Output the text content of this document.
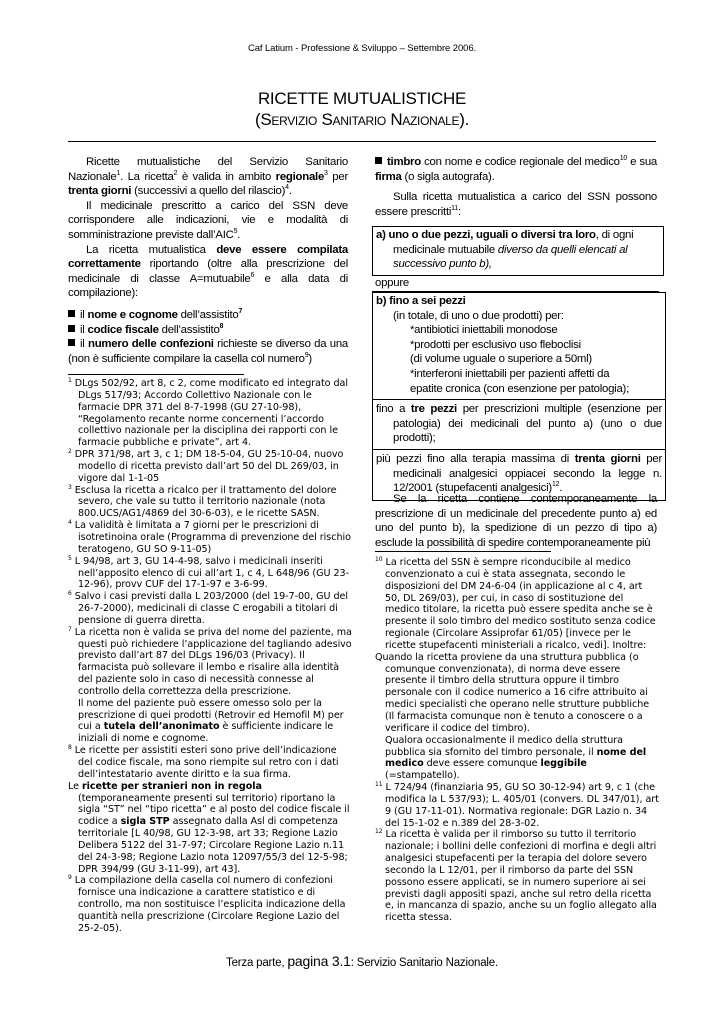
Caf Latium - Professione & Sviluppo – Settembre 2006.
RICETTE MUTUALISTICHE
(Servizio Sanitario Nazionale).

Ricette mutualistiche del Servizio Sanitario Nazionale$^1$. La ricetta$^2$ è valida in ambito regionale$^3$ per trenta giorni (successivi a quello del rilascio)$^4$.

Il medicinale prescritto a carico del SSN deve corrispondere alle indicazioni, vie e modalità di somministrazione previste dall’AIC$^5$.

La ricetta mutualistica deve essere compilata correttamente riportando (oltre alla prescrizione del medicinale di classe A=mutuabile$^6$ e alla data di compilazione):

il nome e cognome dell’assistito$^7$

il codice fiscale dell’assistito$^8$

il numero delle confezioni richieste se diverso da una (non è sufficiente compilare la casella col numero$^9$)

$^1$ DLgs 502/92, art 8, c 2, come modificato ed integrato dal DLgs 517/93; Accordo Collettivo Nazionale con le farmacie DPR 371 del 8-7-1998 (GU 27-10-98), “Regolamento recante norme concernenti l’accordo collettivo nazionale per la disciplina dei rapporti con le farmacie pubbliche e private”, art 4.

$^2$ DPR 371/98, art 3, c 1; DM 18-5-04, GU 25-10-04, nuovo modello di ricetta previsto dall’art 50 del DL 269/03, in vigore dal 1-1-05

$^3$ Esclusa la ricetta a ricalco per il trattamento del dolore severo, che vale su tutto il territorio nazionale (nota 800.UCS/AG1/4869 del 30-6-03), e le ricette SASN.

$^4$ La validità è limitata a 7 giorni per le prescrizioni di isotretinoina orale (Programma di prevenzione del rischio teratogeno, GU SO 9-11-05)

$^5$ L 94/98, art 3, GU 14-4-98, salvo i medicinali inseriti nell’apposito elenco di cui all’art 1, c 4, L 648/96 (GU 23-12-96), provv CUF del 17-1-97 e 3-6-99.

$^6$ Salvo i casi previsti dalla L 203/2000 (del 19-7-00, GU del 26-7-2000), medicinali di classe C erogabili a titolari di pensione di guerra diretta.

$^7$ La ricetta non è valida se priva del nome del paziente, ma questi può richiedere l’applicazione del tagliando adesivo previsto dall’art 87 del DLgs 196/03 (Privacy). Il farmacista può sollevare il lembo e risalire alla identità del paziente solo in caso di necessità connesse al controllo della correttezza della prescrizione.

Il nome del paziente può essere omesso solo per la prescrizione di quei prodotti (Retrovir ed Hemofil M) per cui a tutela dell’anonimato è sufficiente indicare le iniziali di nome e cognome.

$^8$ Le ricette per assistiti esteri sono prive dell’indicazione del codice fiscale, ma sono riempite sul retro con i dati dell’intestatario avente diritto e la sua firma.

Le ricette per stranieri non in regola (temporaneamente presenti sul territorio) riportano la sigla “ST” nel “tipo ricetta” e al posto del codice fiscale il codice a sigla STP assegnato dalla Asl di competenza territoriale [L 40/98, GU 12-3-98, art 33; Regione Lazio Delibera 5122 del 31-7-97; Circolare Regione Lazio n.11 del 24-3-98; Regione Lazio nota 12097/55/3 del 12-5-98; DPR 394/99 (GU 3-11-99), art 43].

$^9$ La compilazione della casella col numero di confezioni fornisce una indicazione a carattere statistico e di controllo, ma non sostituisce l’esplicita indicazione della quantità nella prescrizione (Circolare Regione Lazio del 25-2-05).

timbro con nome e codice regionale del medico$^{10}$ e sua firma (o sigla autografa).

Sulla ricetta mutualistica a carico del SSN possono essere prescritti$^{11}$:

a) uno o due pezzi, uguali o diversi tra loro, di ogni medicinale mutuabile diverso da quelli elencati al successivo punto b),

oppure

b) fino a sei pezzi

(in totale, di uno o due prodotti) per:

*antibiotici iniettabili monodose

*prodotti per esclusivo uso fleboclisi

(di volume uguale o superiore a 50ml)

*interferoni iniettabili per pazienti affetti da

epatite cronica (con esenzione per patologia);

fino a tre pezzi per prescrizioni multiple (esenzione per patologia) dei medicinali del punto a) (uno o due prodotti);

più pezzi fino alla terapia massima di trenta giorni per medicinali analgesici oppiacei secondo la legge n. 12/2001 (stupefacenti analgesici)$^{12}$.

Se la ricetta contiene contemporaneamente la prescrizione di un medicinale del precedente punto a) ed uno del punto b), la spedizione di un pezzo di tipo a) esclude la possibilità di spedire contemporaneamente più

$^{10}$ La ricetta del SSN è sempre riconducibile al medico convenzionato a cui è stata assegnata, secondo le disposizioni del DM 24-6-04 (in applicazione al c 4, art 50, DL 269/03), per cui, in caso di sostituzione del medico titolare, la ricetta può essere spedita anche se è presente il solo timbro del medico sostituto senza codice regionale (Circolare Assiprofar 61/05) [invece per le ricette stupefacenti ministeriali a ricalco, vedi]. Inoltre:

Quando la ricetta proviene da una struttura pubblica (o comunque convenzionata), di norma deve essere presente il timbro della struttura oppure il timbro personale con il codice numerico a 16 cifre attribuito ai medici specialisti che operano nelle strutture pubbliche (Il farmacista comunque non è tenuto a conoscere o a verificare il codice del timbro).

Qualora occasionalmente il medico della struttura pubblica sia sfornito del timbro personale, il nome del medico deve essere comunque leggibile (=stampatello).

$^{11}$ L 724/94 (finanziaria 95, GU SO 30-12-94) art 9, c 1 (che modifica la L 537/93); L. 405/01 (convers. DL 347/01), art 9 (GU 17-11-01). Normativa regionale: DGR Lazio n. 34 del 15-1-02 e n.389 del 28-3-02.

$^{12}$ La ricetta è valida per il rimborso su tutto il territorio nazionale; i bollini delle confezioni di morfina e degli altri analgesici stupefacenti per la terapia del dolore severo secondo la L 12/01, per il rimborso da parte del SSN possono essere applicati, se in numero superiore ai sei previsti dagli appositi spazi, anche sul retro della ricetta e, in mancanza di spazio, anche su un foglio allegato alla ricetta stessa.

Terza parte, pagina 3.1: Servizio Sanitario Nazionale.
